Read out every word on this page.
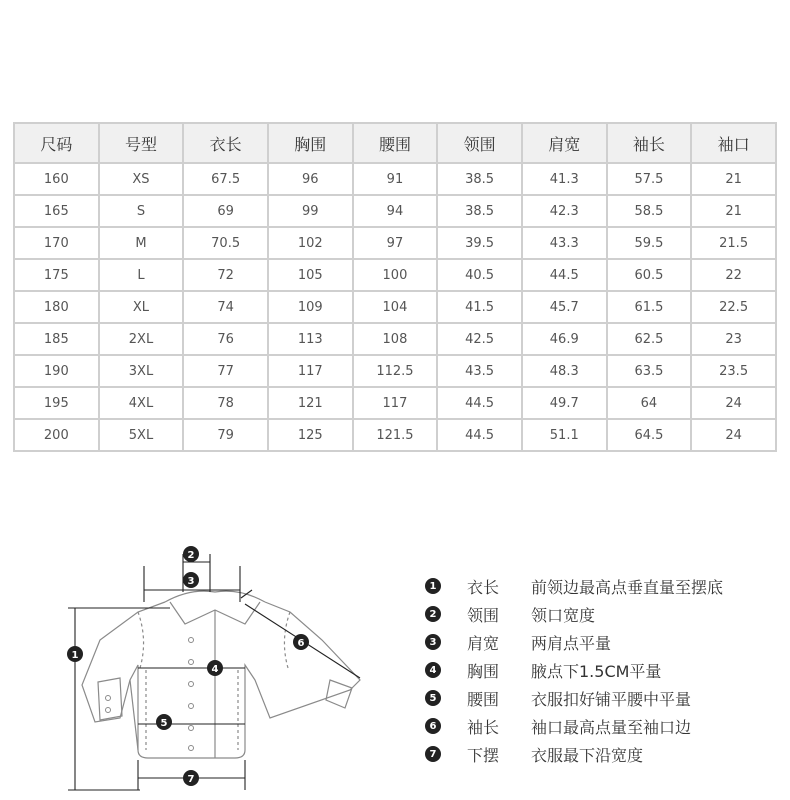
尺码	号型	衣长	胸围	腰围	领围	肩宽	袖长	袖口
160	XS	67.5	96	91	38.5	41.3	57.5	21
165	S	69	99	94	38.5	42.3	58.5	21
170	M	70.5	102	97	39.5	43.3	59.5	21.5
175	L	72	105	100	40.5	44.5	60.5	22
180	XL	74	109	104	41.5	45.7	61.5	22.5
185	2XL	76	113	108	42.5	46.9	62.5	23
190	3XL	77	117	112.5	43.5	48.3	63.5	23.5
195	4XL	78	121	117	44.5	49.7	64	24
200	5XL	79	125	121.5	44.5	51.1	64.5	24
1
2
3
4
5
6
7
1 衣长	前领边最高点垂直量至摆底
2 领围	领口宽度
3 肩宽	两肩点平量
4 胸围	腋点下1.5CM平量
5 腰围	衣服扣好铺平腰中平量
6 袖长	袖口最高点量至袖口边
7 下摆	衣服最下沿宽度
